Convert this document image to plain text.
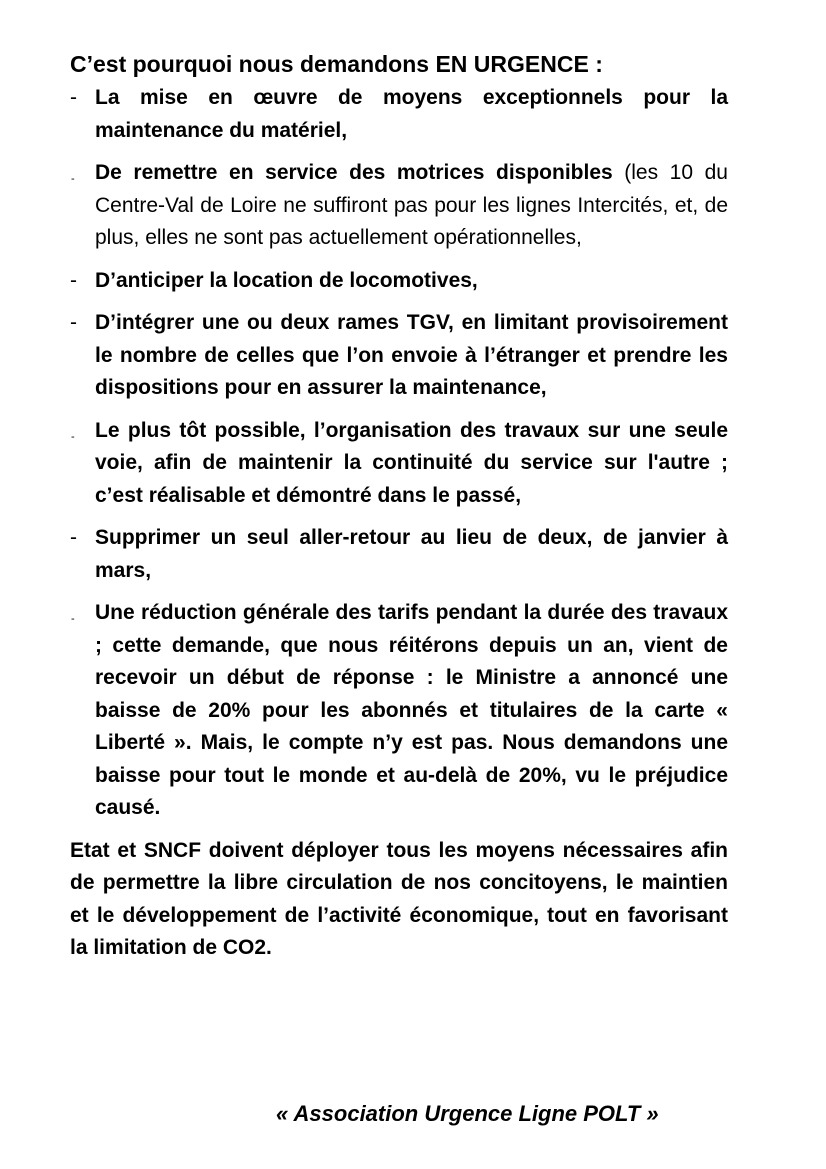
C’est pourquoi nous demandons EN URGENCE :

- La mise en œuvre de moyens exceptionnels pour la maintenance du matériel,
- De remettre en service des motrices disponibles (les 10 du Centre-Val de Loire ne suffiront pas pour les lignes Intercités, et, de plus, elles ne sont pas actuellement opérationnelles,
- D’anticiper la location de locomotives,
- D’intégrer une ou deux rames TGV, en limitant provisoirement le nombre de celles que l’on envoie à l’étranger et prendre les dispositions pour en assurer la maintenance,
- Le plus tôt possible, l’organisation des travaux sur une seule voie, afin de maintenir la continuité du service sur l'autre ; c’est réalisable et démontré dans le passé,
- Supprimer un seul aller-retour au lieu de deux, de janvier à mars,
- Une réduction générale des tarifs pendant la durée des travaux ; cette demande, que nous réitérons depuis un an, vient de recevoir un début de réponse : le Ministre a annoncé une baisse de 20% pour les abonnés et titulaires de la carte « Liberté ». Mais, le compte n’y est pas. Nous demandons une baisse pour tout le monde et au-delà de 20%, vu le préjudice causé.

Etat et SNCF doivent déployer tous les moyens nécessaires afin de permettre la libre circulation de nos concitoyens, le maintien et le développement de l’activité économique, tout en favorisant la limitation de CO2.

« Association Urgence Ligne POLT »
